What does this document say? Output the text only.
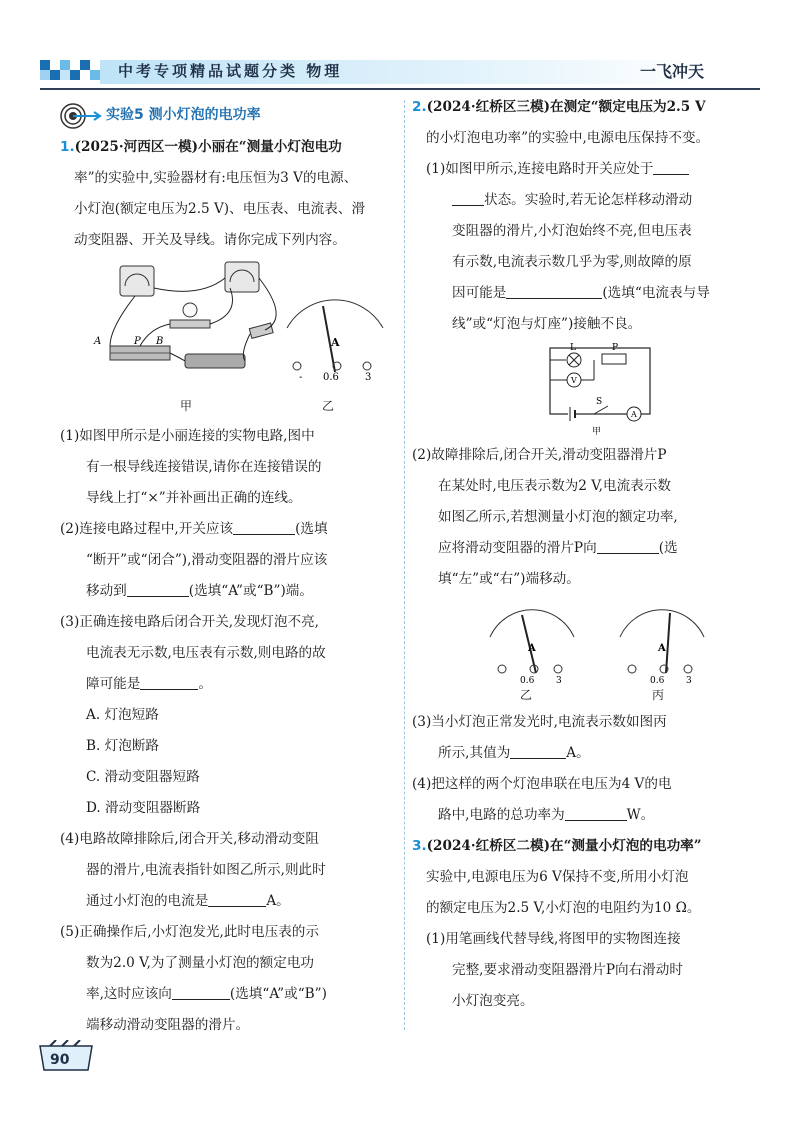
中考专项精品试题分类 物理	一飞冲天
实验5 测小灯泡的电功率

1.(2025·河西区一模)小丽在“测量小灯泡电功

率”的实验中,实验器材有:电压恒为3 V的电源、

小灯泡(额定电压为2.5 V)、电压表、电流表、滑

动变阻器、开关及导线。请你完成下列内容。

A	P B
甲
A
0.6	3
-
乙

(1)如图甲所示是小丽连接的实物电路,图中

有一根导线连接错误,请你在连接错误的

导线上打“×”并补画出正确的连线。

(2)连接电路过程中,开关应该	(选填

“断开”或“闭合”),滑动变阻器的滑片应该

移动到	(选填“A”或“B”)端。

(3)正确连接电路后闭合开关,发现灯泡不亮,

电流表无示数,电压表有示数,则电路的故

障可能是	。

A. 灯泡短路

B. 灯泡断路

C. 滑动变阻器短路

D. 滑动变阻器断路

(4)电路故障排除后,闭合开关,移动滑动变阻

器的滑片,电流表指针如图乙所示,则此时

通过小灯泡的电流是	A。

(5)正确操作后,小灯泡发光,此时电压表的示

数为2.0 V,为了测量小灯泡的额定电功

率,这时应该向	(选填“A”或“B”)

端移动滑动变阻器的滑片。

2.(2024·红桥区三模)在测定“额定电压为2.5 V

的小灯泡电功率”的实验中,电源电压保持不变。

(1)如图甲所示,连接电路时开关应处于

状态。实验时,若无论怎样移动滑动

变阻器的滑片,小灯泡始终不亮,但电压表

有示数,电流表示数几乎为零,则故障的原

因可能是	(选填“电流表与导

线”或“灯泡与灯座”)接触不良。

L	P
V
A
S
甲

(2)故障排除后,闭合开关,滑动变阻器滑片P

在某处时,电压表示数为2 V,电流表示数

如图乙所示,若想测量小灯泡的额定功率,

应将滑动变阻器的滑片P向	(选

填“左”或“右”)端移动。

A
0.6 3
A
0.6 3
乙	丙

(3)当小灯泡正常发光时,电流表示数如图丙

所示,其值为	A。

(4)把这样的两个灯泡串联在电压为4 V的电

路中,电路的总功率为	W。

3.(2024·红桥区二模)在“测量小灯泡的电功率”

实验中,电源电压为6 V保持不变,所用小灯泡

的额定电压为2.5 V,小灯泡的电阻约为10 Ω。

(1)用笔画线代替导线,将图甲的实物图连接

完整,要求滑动变阻器滑片P向右滑动时

小灯泡变亮。

90
